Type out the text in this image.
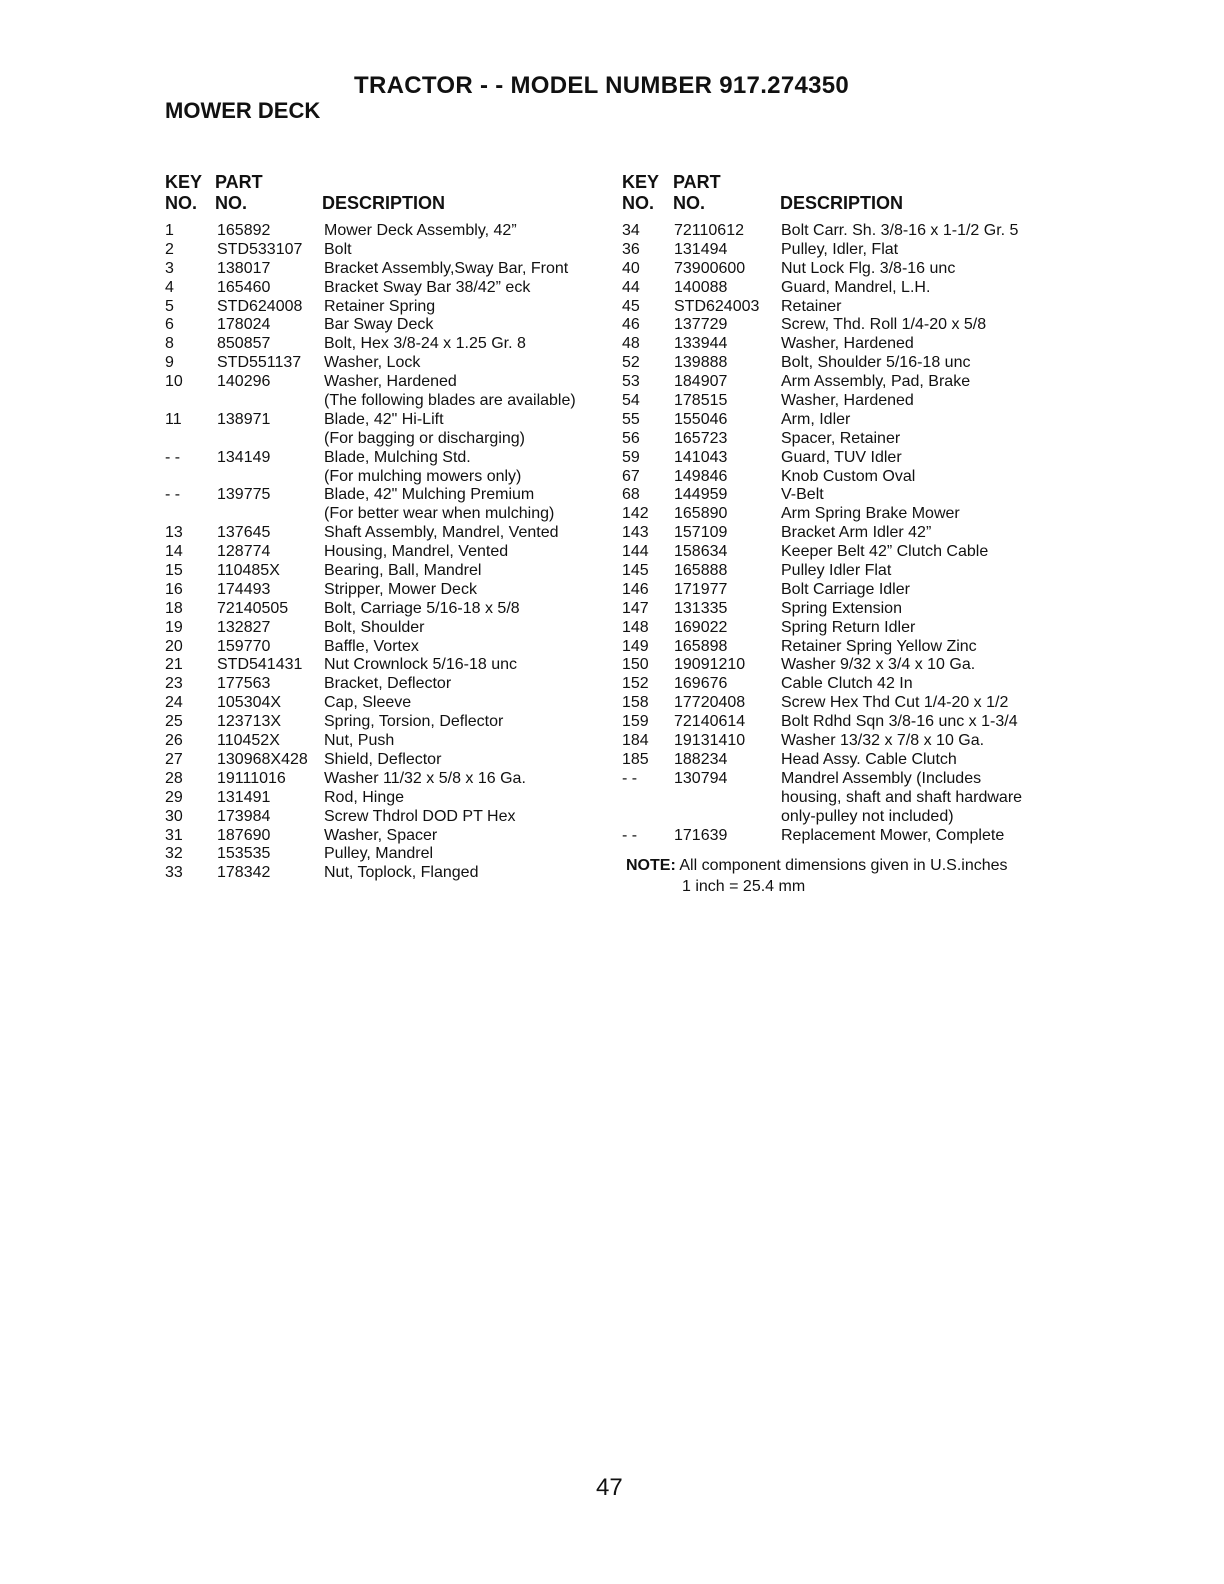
TRACTOR - - MODEL NUMBER 917.274350
MOWER DECK
KEY
NO.
PART
NO.	DESCRIPTION
KEY
NO.
PART
NO.	DESCRIPTION
1	165892	Mower Deck Assembly, 42”
2	STD533107 Bolt
3	138017	Bracket Assembly,Sway Bar, Front
4	165460	Bracket Sway Bar 38/42” eck
5	STD624008 Retainer Spring
6	178024	Bar Sway Deck
8	850857	Bolt, Hex 3/8-24 x 1.25 Gr. 8
9	STD551137 Washer, Lock
10 140296	Washer, Hardened
(The following blades are available)
11 138971	Blade, 42" Hi-Lift
(For bagging or discharging)
- - 134149	Blade, Mulching Std.
(For mulching mowers only)
- - 139775	Blade, 42" Mulching Premium
(For better wear when mulching)
13 137645	Shaft Assembly, Mandrel, Vented
14 128774	Housing, Mandrel, Vented
15 110485X	Bearing, Ball, Mandrel
16 174493	Stripper, Mower Deck
18 72140505 Bolt, Carriage 5/16-18 x 5/8
19 132827	Bolt, Shoulder
20 159770	Baffle, Vortex
21 STD541431 Nut Crownlock 5/16-18 unc
23 177563	Bracket, Deflector
24 105304X	Cap, Sleeve
25 123713X	Spring, Torsion, Deflector
26 110452X	Nut, Push
27 130968X428 Shield, Deflector
28 19111016 Washer 11/32 x 5/8 x 16 Ga.
29 131491	Rod, Hinge
30 173984	Screw Thdrol DOD PT Hex
31 187690	Washer, Spacer
32 153535	Pulley, Mandrel
33 178342	Nut, Toplock, Flanged
34 72110612 Bolt Carr. Sh. 3/8-16 x 1-1/2 Gr. 5
36 131494	Pulley, Idler, Flat
40 73900600 Nut Lock Flg. 3/8-16 unc
44 140088	Guard, Mandrel, L.H.
45 STD624003 Retainer
46 137729	Screw, Thd. Roll 1/4-20 x 5/8
48 133944	Washer, Hardened
52 139888	Bolt, Shoulder 5/16-18 unc
53 184907	Arm Assembly, Pad, Brake
54 178515	Washer, Hardened
55 155046	Arm, Idler
56 165723	Spacer, Retainer
59 141043	Guard, TUV Idler
67 149846	Knob Custom Oval
68 144959	V-Belt
142 165890	Arm Spring Brake Mower
143 157109	Bracket Arm Idler 42”
144 158634	Keeper Belt 42” Clutch Cable
145 165888	Pulley Idler Flat
146 171977	Bolt Carriage Idler
147 131335	Spring Extension
148 169022	Spring Return Idler
149 165898	Retainer Spring Yellow Zinc
150 19091210 Washer 9/32 x 3/4 x 10 Ga.
152 169676	Cable Clutch 42 In
158 17720408 Screw Hex Thd Cut 1/4-20 x 1/2
159 72140614 Bolt Rdhd Sqn 3/8-16 unc x 1-3/4
184 19131410 Washer 13/32 x 7/8 x 10 Ga.
185 188234	Head Assy. Cable Clutch
- - 130794	Mandrel Assembly (Includes
housing, shaft and shaft hardware
only-pulley not included)
- - 171639	Replacement Mower, Complete
NOTE: All component dimensions given in U.S.inches
1 inch = 25.4 mm
47
